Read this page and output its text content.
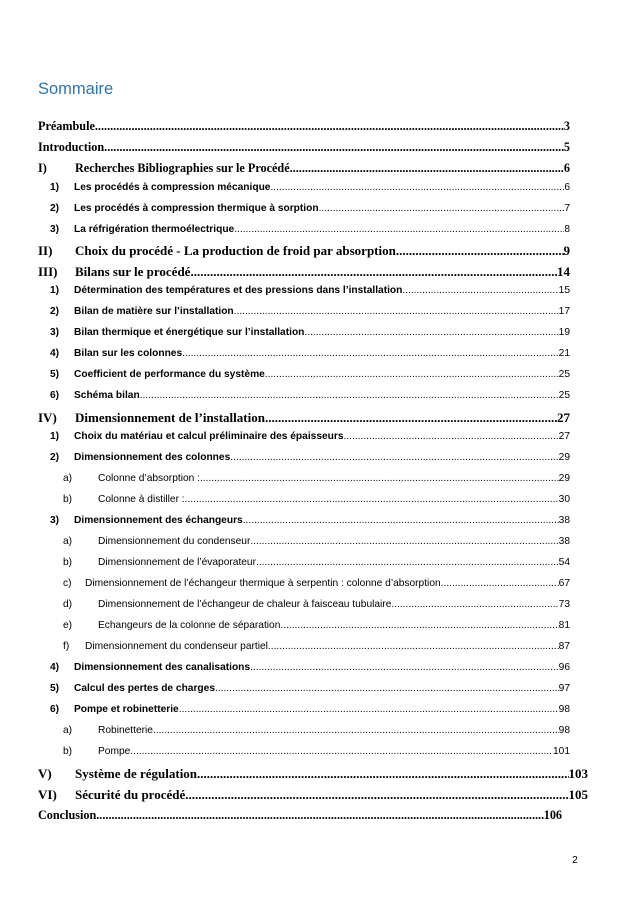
Sommaire
Préambule .....	3
Introduction .....	5
I)	Recherches Bibliographies sur le Procédé .....	6
1)	Les procédés à compression mécanique .....	6
2)	Les procédés à compression thermique à sorption .....	7
3)	La réfrigération thermoélectrique .....	8
II)	Choix du procédé - La production de froid par absorption .....	9
III)	Bilans sur le procédé .....	14
1)	Détermination des températures et des pressions dans l’installation .....	15
2)	Bilan de matière sur l’installation .....	17
3)	Bilan thermique et énergétique sur l’installation .....	19
4)	Bilan sur les colonnes .....	21
5)	Coefficient de performance du système .....	25
6)	Schéma bilan .....	25
IV)	Dimensionnement de l’installation .....	27
1)	Choix du matériau et calcul préliminaire des épaisseurs .....	27
2)	Dimensionnement des colonnes .....	29
a)	Colonne d’absorption : .....	29
b)	Colonne à distiller : .....	30
3)	Dimensionnement des échangeurs .....	38
a)	Dimensionnement du condenseur .....	38
b)	Dimensionnement de l’évaporateur .....	54
c)	Dimensionnement de l’échangeur thermique à serpentin : colonne d’absorption .....	67
d)	Dimensionnement de l’échangeur de chaleur à faisceau tubulaire .....	73
e)	Echangeurs de la colonne de séparation .....	81
f)	Dimensionnement du condenseur partiel .....	87
4)	Dimensionnement des canalisations .....	96
5)	Calcul des pertes de charges .....	97
6)	Pompe et robinetterie .....	98
a)	Robinetterie .....	98
b)	Pompe .....	101
V)	Système de régulation .....	103
VI)	Sécurité du procédé .....	105
Conclusion .....	106
2
